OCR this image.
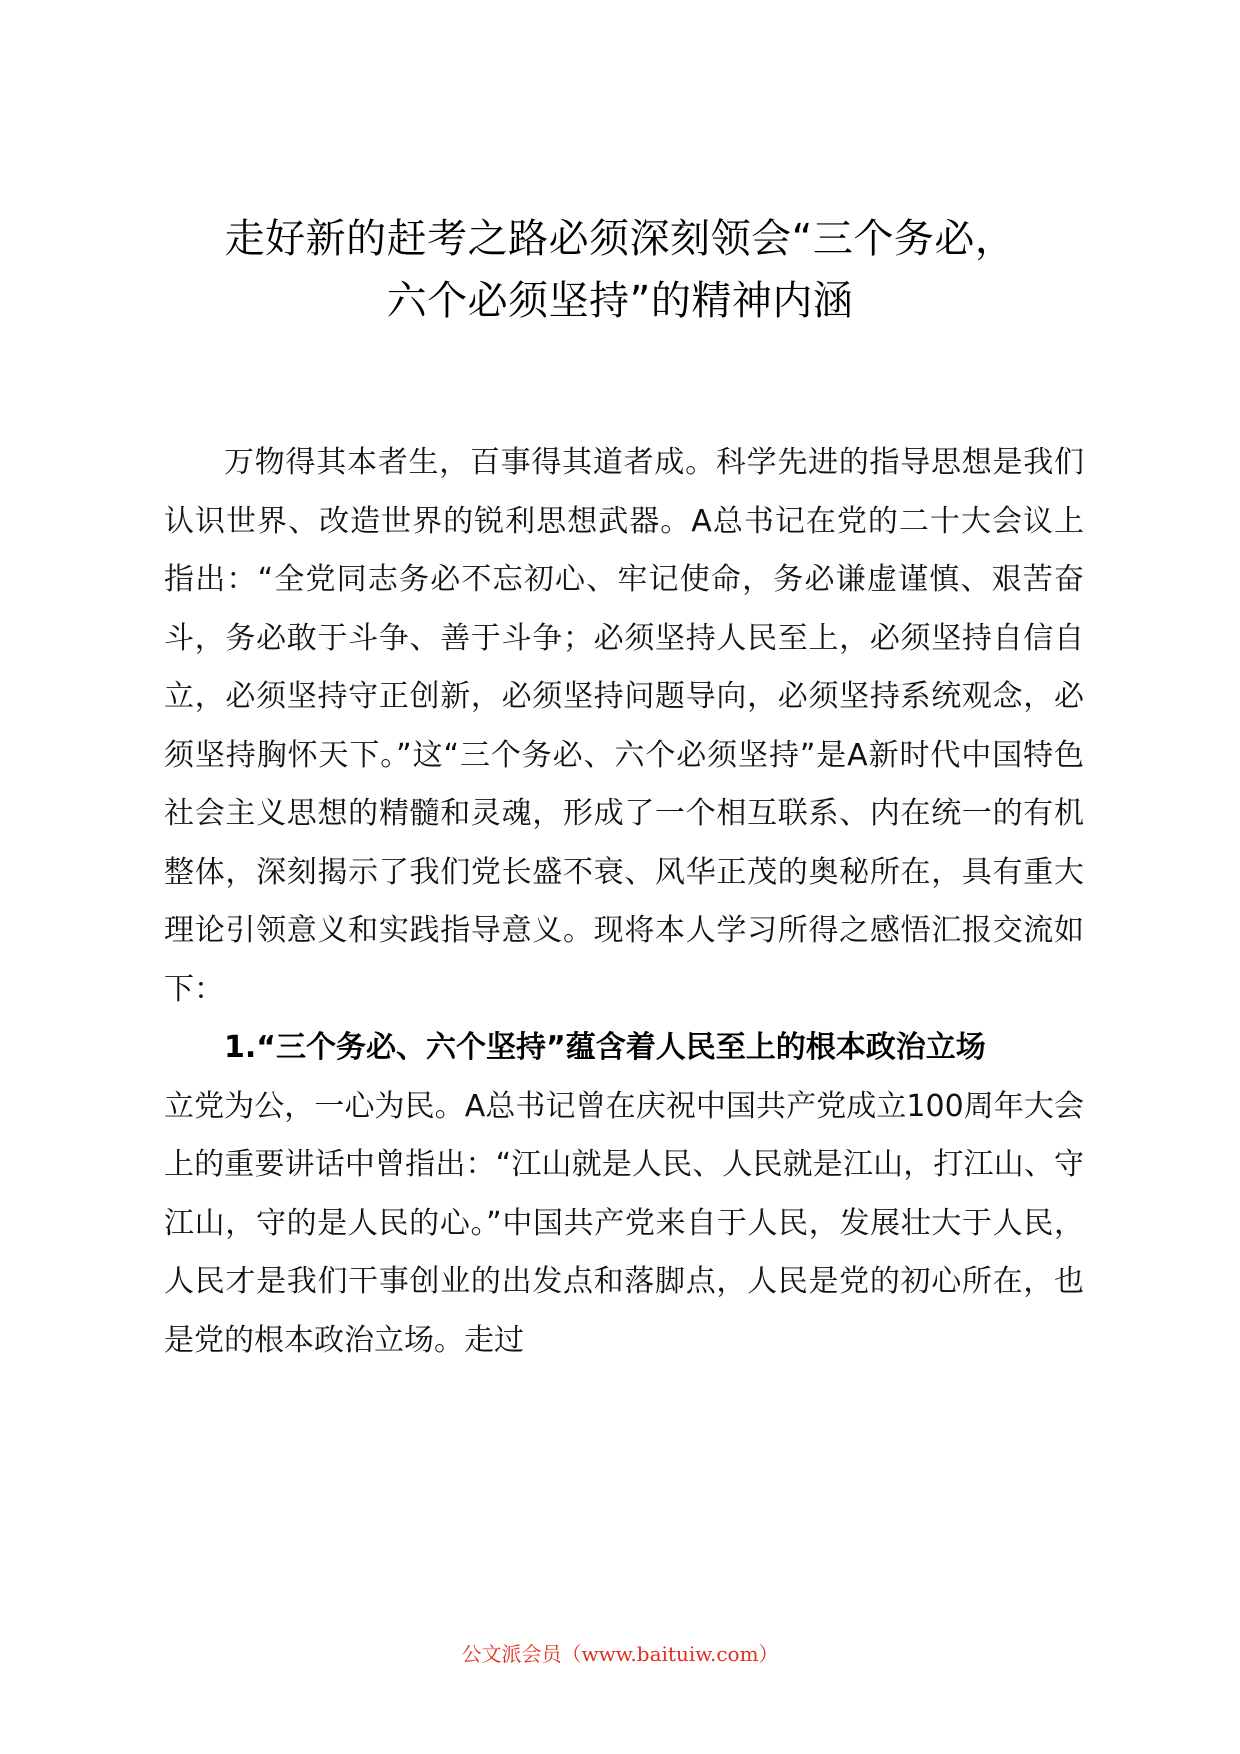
走好新的赶考之路必须深刻领会“三个务必，
六个必须坚持”的精神内涵

万物得其本者生，百事得其道者成。科学先进的指导思想是我们认识世界、改造世界的锐利思想武器。A总书记在党的二十大会议上指出：“全党同志务必不忘初心、牢记使命，务必谦虚谨慎、艰苦奋斗，务必敢于斗争、善于斗争；必须坚持人民至上，必须坚持自信自立，必须坚持守正创新，必须坚持问题导向，必须坚持系统观念，必须坚持胸怀天下。”这“三个务必、六个必须坚持”是A新时代中国特色社会主义思想的精髓和灵魂，形成了一个相互联系、内在统一的有机整体，深刻揭示了我们党长盛不衰、风华正茂的奥秘所在，具有重大理论引领意义和实践指导意义。现将本人学习所得之感悟汇报交流如下：

1.“三个务必、六个坚持”蕴含着人民至上的根本政治立场

立党为公，一心为民。A总书记曾在庆祝中国共产党成立100周年大会上的重要讲话中曾指出：“江山就是人民、人民就是江山，打江山、守江山，守的是人民的心。”中国共产党来自于人民，发展壮大于人民，人民才是我们干事创业的出发点和落脚点，人民是党的初心所在，也是党的根本政治立场。走过

公文派会员（www.baituiw.com）
